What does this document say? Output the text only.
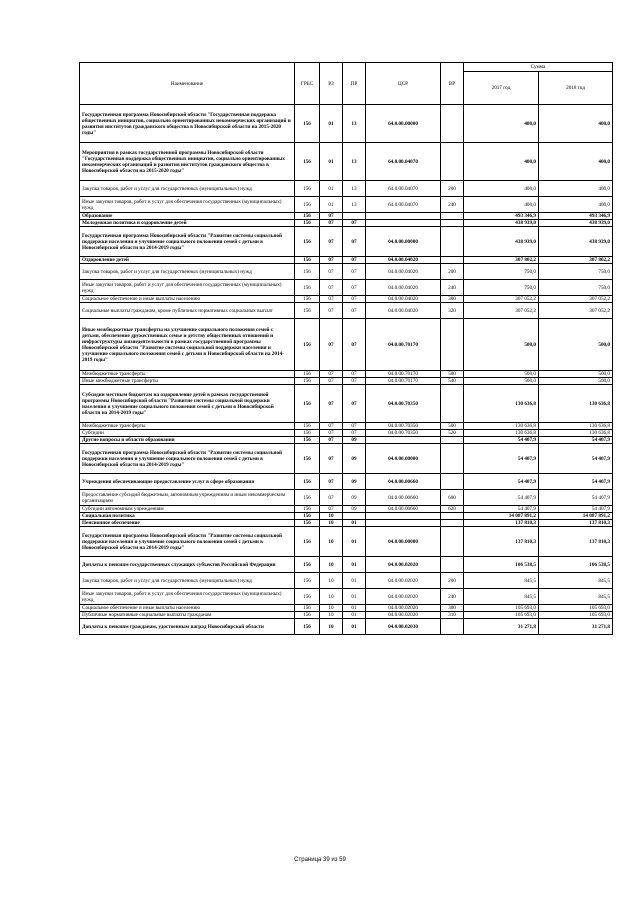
Наименование	ГРБС	РЗ	ПР	ЦСР	ВР	Сумма	
						2017 год	2018 год
Государственная программа Новосибирской области "Государственная поддержка общественных инициатив, социально ориентированных некоммерческих организаций и развития институтов гражданского общества в Новосибирской области на 2015-2020 годы"	156	01	13	64.0.00.00000		400,0	400,0
Мероприятия в рамках государственной программы Новосибирской области "Государственная поддержка общественных инициатив, социально ориентированных некоммерческих организаций и развития институтов гражданского общества в Новосибирской области на 2015-2020 годы"	156	01	13	64.0.00.04070		400,0	400,0
Закупка товаров, работ и услуг для государственных (муниципальных) нужд	156	01	13	64.0.00.04070	200	400,0	400,0
Иные закупки товаров, работ и услуг для обеспечения государственных (муниципальных) нужд	156	01	13	64.0.00.04070	240	400,0	400,0
Образование	156	07				493 346,9	493 346,9
Молодежная политика и оздоровление детей	156	07	07			438 939,0	438 939,0
Государственная программа Новосибирской области "Развитие системы социальной поддержки населения и улучшение социального положения семей с детьми в Новосибирской области на 2014-2019 годы"	156	07	07	04.0.00.00000		438 939,0	438 939,0
Оздоровление детей	156	07	07	04.0.00.04020		307 802,2	307 802,2
Закупка товаров, работ и услуг для государственных (муниципальных) нужд	156	07	07	04.0.00.04020	200	750,0	750,0
Иные закупки товаров, работ и услуг для обеспечения государственных (муниципальных) нужд	156	07	07	04.0.00.04020	240	750,0	750,0
Социальное обеспечение и иные выплаты населению	156	07	07	04.0.00.04020	300	307 052,2	307 052,2
Социальные выплаты гражданам, кроме публичных нормативных социальных выплат	156	07	07	04.0.00.04020	320	307 052,2	307 052,2
Иные межбюджетные трансферты на улучшение социального положения семей с детьми, обеспечение дружественных семье и детству общественных отношений и инфраструктуры жизнедеятельности в рамках государственной программы Новосибирской области "Развитие системы социальной поддержки населения и улучшение социального положения семей с детьми в Новосибирской области на 2014-2019 годы"	156	07	07	04.0.00.70170		500,0	500,0
Межбюджетные трансферты	156	07	07	04.0.00.70170	500	500,0	500,0
Иные межбюджетные трансферты	156	07	07	04.0.00.70170	540	500,0	500,0
Субсидии местным бюджетам на оздоровление детей в рамках государственной программы Новосибирской области "Развитие системы социальной поддержки населения и улучшение социального положения семей с детьми в Новосибирской области на 2014-2019 годы"	156	07	07	04.0.00.70350		130 636,8	130 636,8
Межбюджетные трансферты	156	07	07	04.0.00.70350	500	130 636,8	130 636,8
Субсидии	156	07	07	04.0.00.70350	520	130 636,8	130 636,8
Другие вопросы в области образования	156	07	09			54 407,9	54 407,9
Государственная программа Новосибирской области "Развитие системы социальной поддержки населения и улучшение социального положения семей с детьми в Новосибирской области на 2014-2019 годы"	156	07	09	04.0.00.00000		54 407,9	54 407,9
Учреждения обеспечивающие предоставление услуг в сфере образования	156	07	09	04.0.00.00660		54 407,9	54 407,9
Предоставление субсидий бюджетным, автономным учреждениям и иным некоммерческим организациям	156	07	09	04.0.00.00660	600	54 407,9	54 407,9
Субсидии автономным учреждениям	156	07	09	04.0.00.00660	620	54 407,9	54 407,9
Социальная политика	156	10				14 087 891,2	14 087 891,2
Пенсионное обеспечение	156	10	01			137 810,3	137 810,3
Государственная программа Новосибирской области "Развитие системы социальной поддержки населения и улучшение социального положения семей с детьми в Новосибирской области на 2014-2019 годы"	156	10	01	04.0.00.00000		137 810,3	137 810,3
Доплаты к пенсиям государственных служащих субъектов Российской Федерации	156	10	01	04.0.00.02020		106 538,5	106 538,5
Закупка товаров, работ и услуг для государственных (муниципальных) нужд	156	10	01	04.0.00.02020	200	845,5	845,5
Иные закупки товаров, работ и услуг для обеспечения государственных (муниципальных) нужд	156	10	01	04.0.00.02020	240	845,5	845,5
Социальное обеспечение и иные выплаты населению	156	10	01	04.0.00.02020	300	105 693,0	105 693,0
Публичные нормативные социальные выплаты гражданам	156	10	01	04.0.00.02020	310	105 693,0	105 693,0
Доплаты к пенсиям гражданам, удостоенным наград Новосибирской области	156	10	01	04.0.00.02030		31 271,8	31 271,8
Страница 39 из 59
